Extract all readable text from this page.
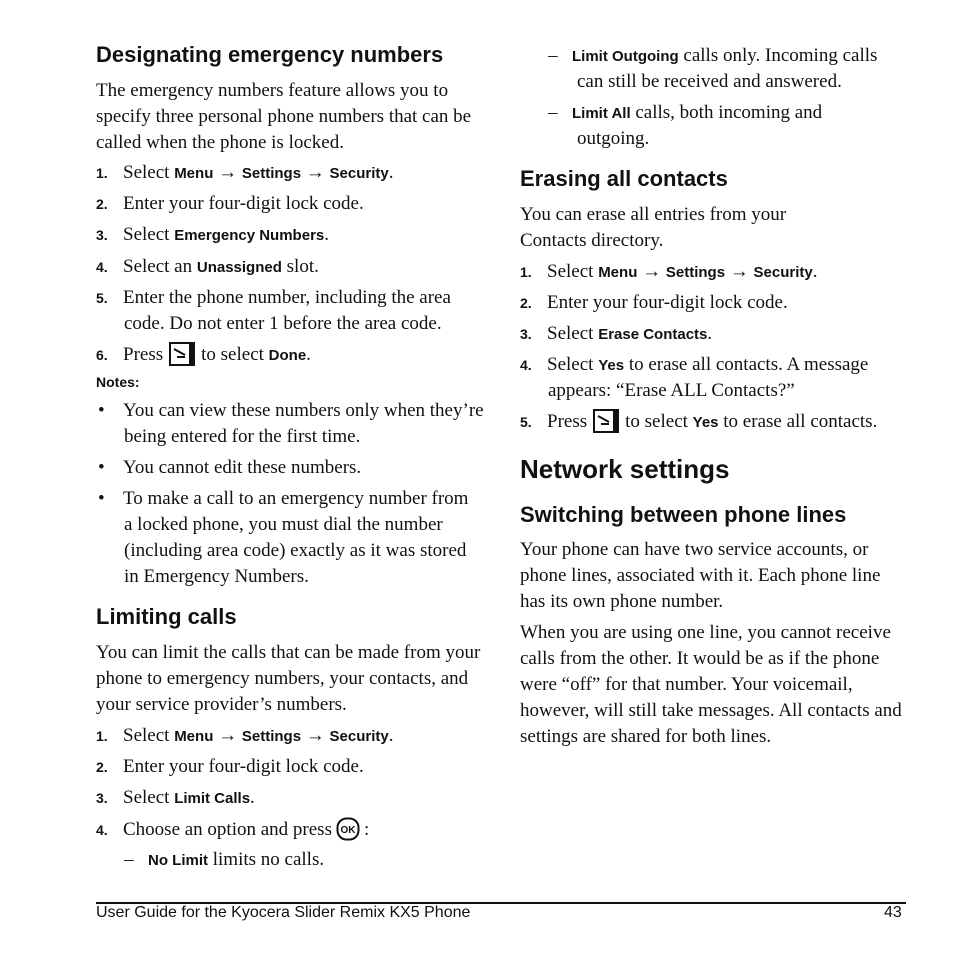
Designating emergency numbers
The emergency numbers feature allows you to
specify three personal phone numbers that can be
called when the phone is locked.
1. Select Menu → Settings → Security.
2. Enter your four-digit lock code.
3. Select Emergency Numbers.
4. Select an Unassigned slot.
5. Enter the phone number, including the area
code. Do not enter 1 before the area code.
6. Press to select Done.
Notes:
• You can view these numbers only when they’re
being entered for the first time.
• You cannot edit these numbers.
• To make a call to an emergency number from
a locked phone, you must dial the number
(including area code) exactly as it was stored
in Emergency Numbers.
Limiting calls
You can limit the calls that can be made from your
phone to emergency numbers, your contacts, and
your service provider’s numbers.
1. Select Menu → Settings → Security.
2. Enter your four-digit lock code.
3. Select Limit Calls.
4. Choose an option and press OK :
– No Limit limits no calls.
– Limit Outgoing calls only. Incoming calls
can still be received and answered.
– Limit All calls, both incoming and
outgoing.
Erasing all contacts
You can erase all entries from your
Contacts directory.
1. Select Menu → Settings → Security.
2. Enter your four-digit lock code.
3. Select Erase Contacts.
4. Select Yes to erase all contacts. A message
appears: “Erase ALL Contacts?”
5. Press to select Yes to erase all contacts.
Network settings
Switching between phone lines
Your phone can have two service accounts, or
phone lines, associated with it. Each phone line
has its own phone number.
When you are using one line, you cannot receive
calls from the other. It would be as if the phone
were “off” for that number. Your voicemail,
however, will still take messages. All contacts and
settings are shared for both lines.
User Guide for the Kyocera Slider Remix KX5 Phone	43
